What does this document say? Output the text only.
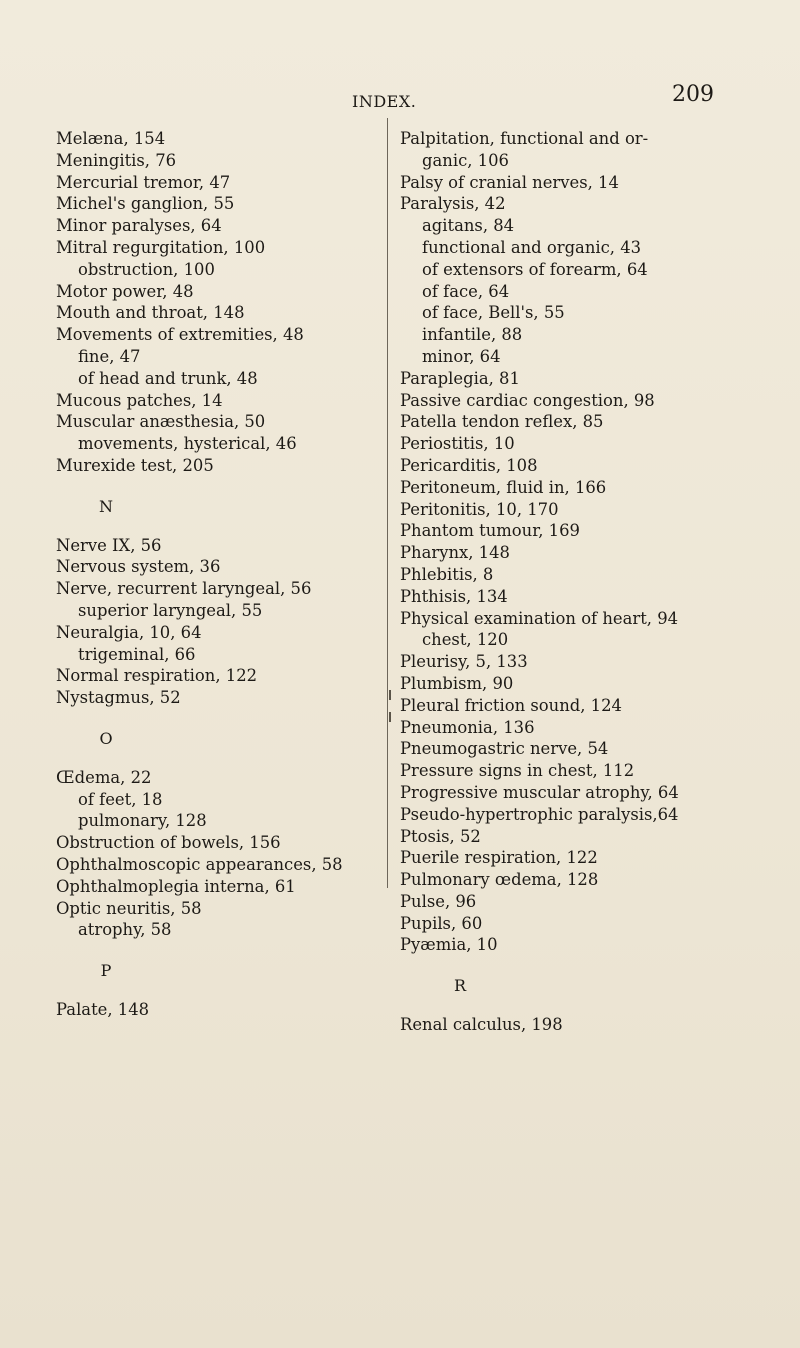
INDEX.	209
Melæna, 154
Meningitis, 76
Mercurial tremor, 47
Michel's ganglion, 55
Minor paralyses, 64
Mitral regurgitation, 100
obstruction, 100
Motor power, 48
Mouth and throat, 148
Movements of extremities, 48
fine, 47
of head and trunk, 48
Mucous patches, 14
Muscular anæsthesia, 50
movements, hysterical, 46
Murexide test, 205
N
Nerve IX, 56
Nervous system, 36
Nerve, recurrent laryngeal, 56
superior laryngeal, 55
Neuralgia, 10, 64
trigeminal, 66
Normal respiration, 122
Nystagmus, 52
O
Œdema, 22
of feet, 18
pulmonary, 128
Obstruction of bowels, 156
Ophthalmoscopic appearances, 58
Ophthalmoplegia interna, 61
Optic neuritis, 58
atrophy, 58
P
Palate, 148
Palpitation, functional and or-
ganic, 106
Palsy of cranial nerves, 14
Paralysis, 42
agitans, 84
functional and organic, 43
of extensors of forearm, 64
of face, 64
of face, Bell's, 55
infantile, 88
minor, 64
Paraplegia, 81
Passive cardiac congestion, 98
Patella tendon reflex, 85
Periostitis, 10
Pericarditis, 108
Peritoneum, fluid in, 166
Peritonitis, 10, 170
Phantom tumour, 169
Pharynx, 148
Phlebitis, 8
Phthisis, 134
Physical examination of heart, 94
chest, 120
Pleurisy, 5, 133
Plumbism, 90
Pleural friction sound, 124
Pneumonia, 136
Pneumogastric nerve, 54
Pressure signs in chest, 112
Progressive muscular atrophy, 64
Pseudo-hypertrophic paralysis,64
Ptosis, 52
Puerile respiration, 122
Pulmonary œdema, 128
Pulse, 96
Pupils, 60
Pyæmia, 10
R
Renal calculus, 198
